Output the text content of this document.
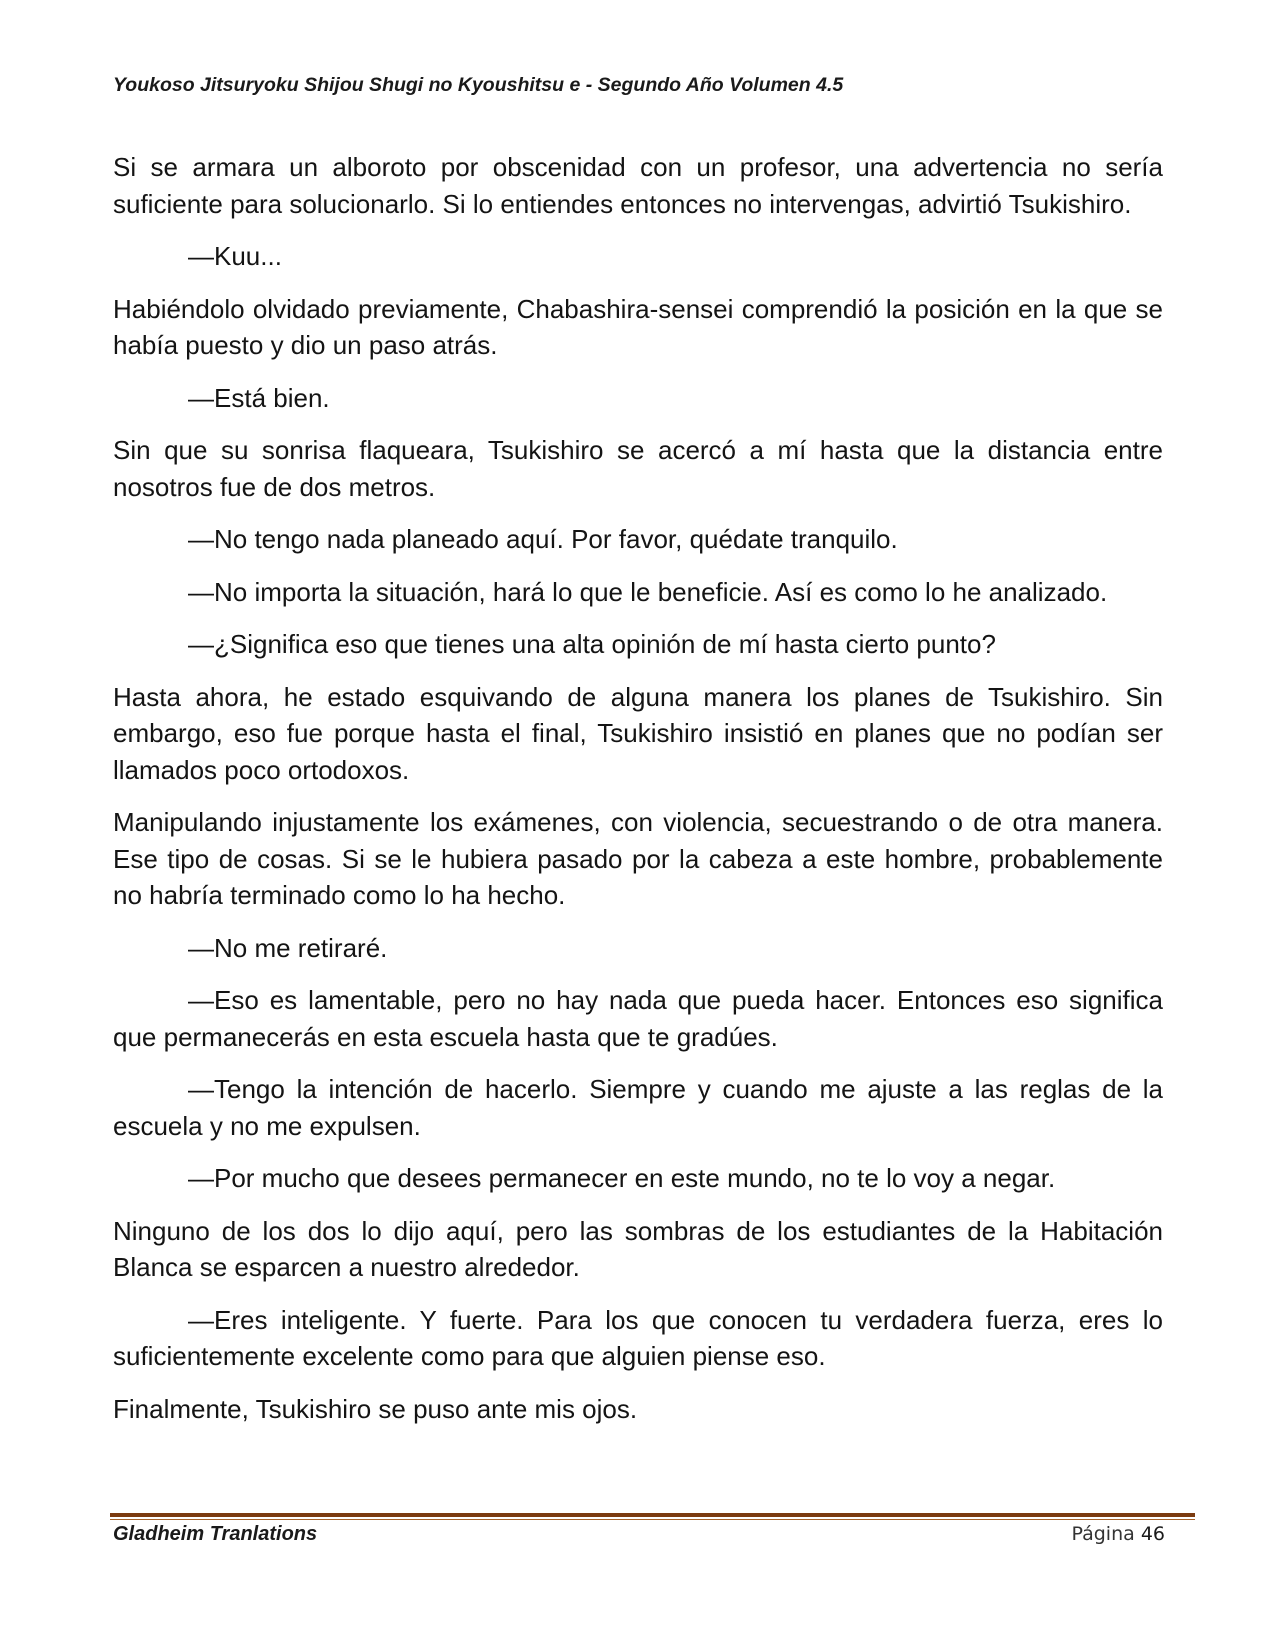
Youkoso Jitsuryoku Shijou Shugi no Kyoushitsu e - Segundo Año Volumen 4.5

Si se armara un alboroto por obscenidad con un profesor, una advertencia no sería suficiente para solucionarlo. Si lo entiendes entonces no intervengas, advirtió Tsukishiro.

—Kuu...

Habiéndolo olvidado previamente, Chabashira-sensei comprendió la posición en la que se había puesto y dio un paso atrás.

—Está bien.

Sin que su sonrisa flaqueara, Tsukishiro se acercó a mí hasta que la distancia entre nosotros fue de dos metros.

—No tengo nada planeado aquí. Por favor, quédate tranquilo.

—No importa la situación, hará lo que le beneficie. Así es como lo he analizado.

—¿Significa eso que tienes una alta opinión de mí hasta cierto punto?

Hasta ahora, he estado esquivando de alguna manera los planes de Tsukishiro. Sin embargo, eso fue porque hasta el final, Tsukishiro insistió en planes que no podían ser llamados poco ortodoxos.

Manipulando injustamente los exámenes, con violencia, secuestrando o de otra manera. Ese tipo de cosas. Si se le hubiera pasado por la cabeza a este hombre, probablemente no habría terminado como lo ha hecho.

—No me retiraré.

—Eso es lamentable, pero no hay nada que pueda hacer. Entonces eso significa que permanecerás en esta escuela hasta que te gradúes.

—Tengo la intención de hacerlo. Siempre y cuando me ajuste a las reglas de la escuela y no me expulsen.

—Por mucho que desees permanecer en este mundo, no te lo voy a negar.

Ninguno de los dos lo dijo aquí, pero las sombras de los estudiantes de la Habitación Blanca se esparcen a nuestro alrededor.

—Eres inteligente. Y fuerte. Para los que conocen tu verdadera fuerza, eres lo suficientemente excelente como para que alguien piense eso.

Finalmente, Tsukishiro se puso ante mis ojos.

Gladheim Tranlations	Página 46
